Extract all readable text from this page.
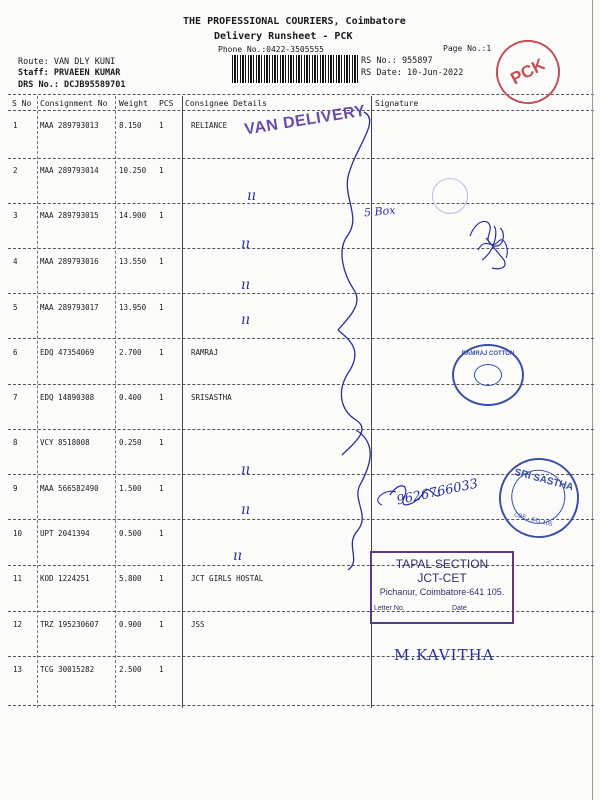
THE PROFESSIONAL COURIERS, Coimbatore
Delivery Runsheet - PCK
Phone No.:0422-3505555	Page No.:1
Route: VAN DLY KUNI
Staff: PRVAEEN KUMAR
DRS No.: DCJB95589701
RS No.: 955897
RS Date: 10-Jun-2022
S No Consignment No Weight PCS Consignee Details	Signature
1	MAA 289793013	8.150 1	RELIANCE
2	MAA 289793014	10.250 1
3	MAA 289793015	14.900 1
4	MAA 289793016	13.550 1
5	MAA 289793017	13.950 1
6	EDQ 47354069	2.700 1	RAMRAJ
7	EDQ 14890308	0.400 1	SRISASTHA
8	VCY 8518008	0.250 1
9	MAA 566582490	1.500 1
10 UPT 2041394	0.500 1
11 KOD 1224251	5.800 1	JCT GIRLS HOSTAL
12 TRZ 195230607	0.900 1	JSS
13 TCG 30015282	2.500 1
PCK
VAN DELIVERY
ıı
ıı
ıı
ıı
ıı
ıı
ıı
5 Box
9626766033
M.KAVITHA
RAMRAJ COTTON
SRI SASTHA
CBE - 641 105
TAPAL SECTION
JCT-CET
Pichanur, Coimbatore-641 105.
Letter No.	Date
